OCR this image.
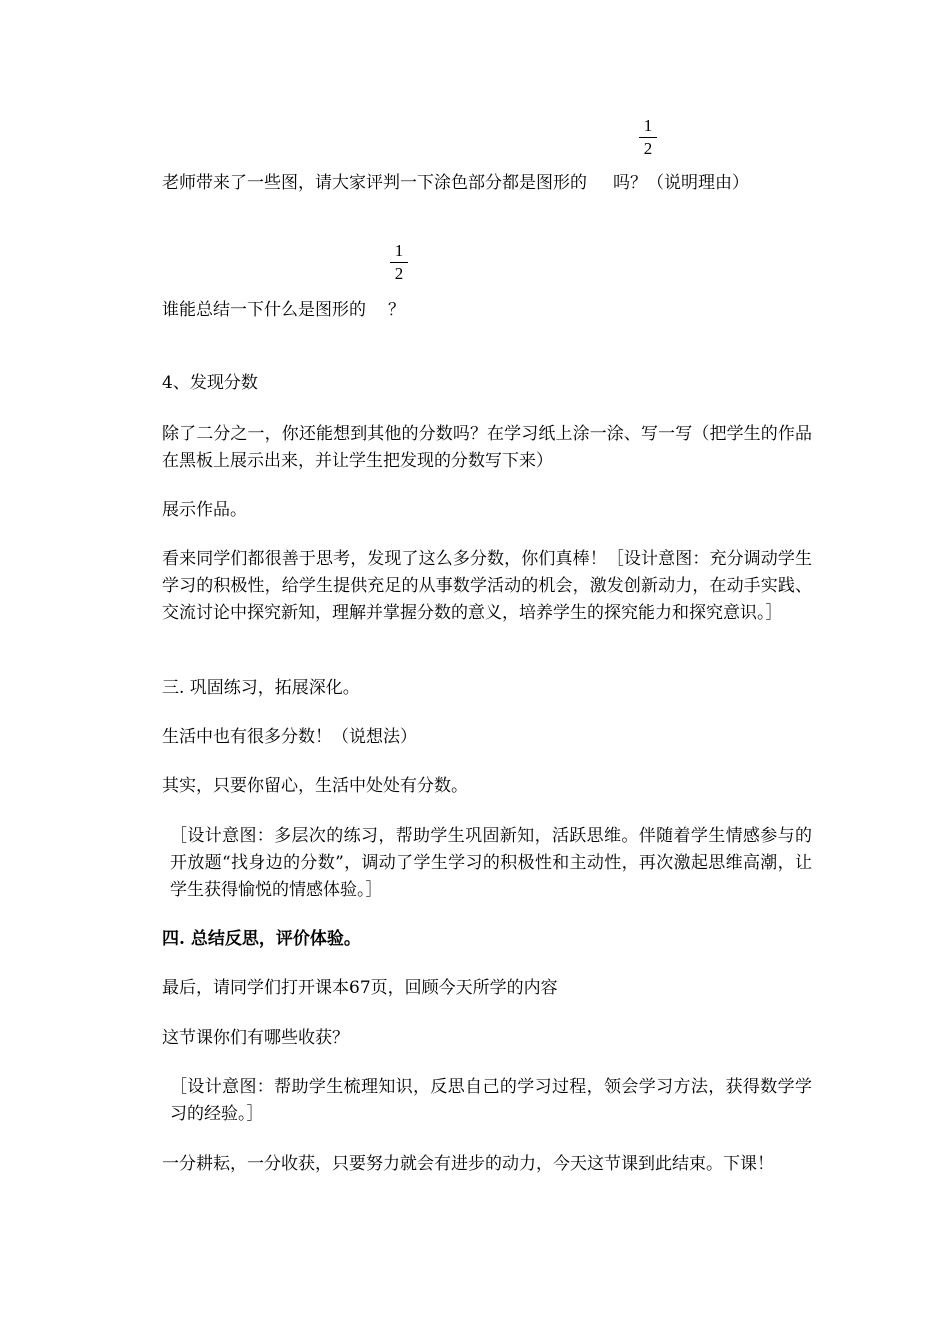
1
2

老师带来了一些图，请大家评判一下涂色部分都是图形的 吗？（说明理由）

1
2

谁能总结一下什么是图形的 ？

4、发现分数

除了二分之一，你还能想到其他的分数吗？在学习纸上涂一涂、写一写（把学生的作品在黑板上展示出来，并让学生把发现的分数写下来）

展示作品。

看来同学们都很善于思考，发现了这么多分数，你们真棒！［设计意图：充分调动学生学习的积极性，给学生提供充足的从事数学活动的机会，激发创新动力，在动手实践、交流讨论中探究新知，理解并掌握分数的意义，培养学生的探究能力和探究意识。］

三. 巩固练习，拓展深化。

生活中也有很多分数！（说想法）

其实，只要你留心，生活中处处有分数。

［设计意图：多层次的练习，帮助学生巩固新知，活跃思维。伴随着学生情感参与的开放题“找身边的分数”，调动了学生学习的积极性和主动性，再次激起思维高潮，让学生获得愉悦的情感体验。］

四. 总结反思，评价体验。

最后，请同学们打开课本67页，回顾今天所学的内容

这节课你们有哪些收获？

［设计意图：帮助学生梳理知识，反思自己的学习过程，领会学习方法，获得数学学习的经验。］

一分耕耘，一分收获，只要努力就会有进步的动力，今天这节课到此结束。下课！
